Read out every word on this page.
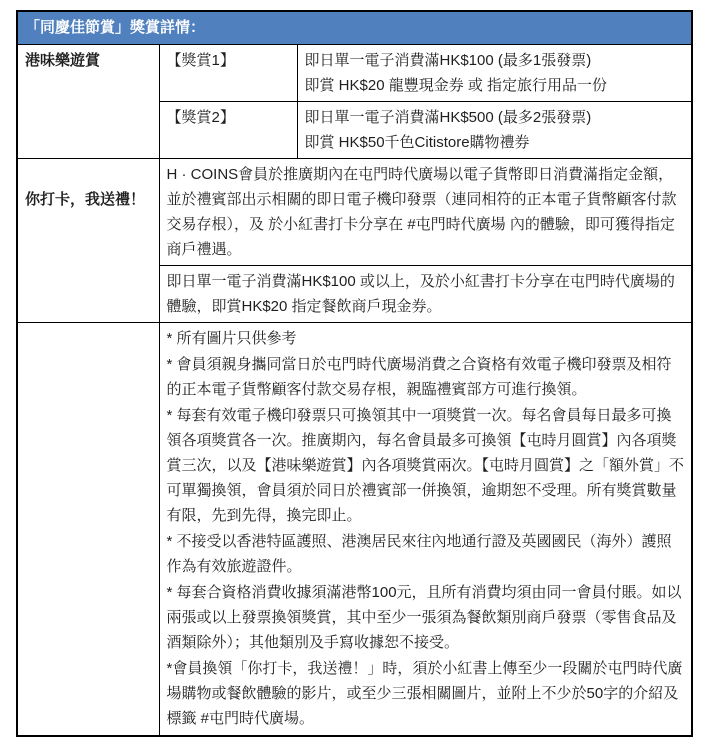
「同慶佳節賞」獎賞詳情：		
港味樂遊賞	【獎賞1】	即日單一電子消費滿HK$100 (最多1張發票)
即賞 HK$20 龍豐現金券 或 指定旅行用品一份

	【獎賞2】	即日單一電子消費滿HK$500 (最多2張發票)
即賞 HK$50千色Citistore購物禮券

你打卡，我送禮！	H · COINS會員於推廣期內在屯門時代廣場以電子貨幣即日消費滿指定金額，並於禮賓部出示相關的即日電子機印發票（連同相符的正本電子貨幣顧客付款交易存根），及 於小紅書打卡分享在 #屯門時代廣場 內的體驗，即可獲得指定商戶禮遇。	

	即日單一電子消費滿HK$100 或以上，及於小紅書打卡分享在屯門時代廣場的體驗，即賞HK$20 指定餐飲商戶現金券。	

* 所有圖片只供參考

* 會員須親身攜同當日於屯門時代廣場消費之合資格有效電子機印發票及相符的正本電子貨幣顧客付款交易存根，親臨禮賓部方可進行換領。

* 每套有效電子機印發票只可換領其中一項獎賞一次。每名會員每日最多可換領各項獎賞各一次。推廣期內，每名會員最多可換領【屯時月圓賞】內各項獎賞三次，以及【港味樂遊賞】內各項獎賞兩次。【屯時月圓賞】之「額外賞」不可單獨換領，會員須於同日於禮賓部一併換領，逾期恕不受理。所有獎賞數量有限，先到先得，換完即止。

* 不接受以香港特區護照、港澳居民來往內地通行證及英國國民（海外）護照作為有效旅遊證件。

* 每套合資格消費收據須滿港幣100元，且所有消費均須由同一會員付賬。如以兩張或以上發票換領獎賞，其中至少一張須為餐飲類別商戶發票（零售食品及酒類除外）；其他類別及手寫收據恕不接受。

*會員換領「你打卡，我送禮！」時，須於小紅書上傳至少一段關於屯門時代廣場購物或餐飲體驗的影片，或至少三張相關圖片，並附上不少於50字的介紹及標籤 #屯門時代廣場。
